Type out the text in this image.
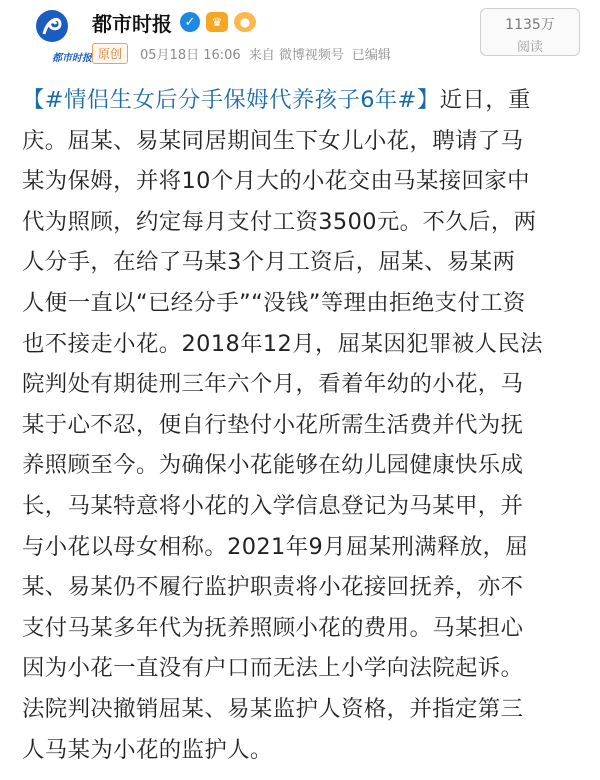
都市时报
都市时报 ✓	♛	●
原创	05月18日 16:06 来自 微博视频号 已编辑
1135万
阅读
【#情侣生女后分手保姆代养孩子6年#】近日，重
庆。屈某、易某同居期间生下女儿小花，聘请了马
某为保姆，并将10个月大的小花交由马某接回家中
代为照顾，约定每月支付工资3500元。不久后，两
人分手，在给了马某3个月工资后，屈某、易某两
人便一直以“已经分手”“没钱”等理由拒绝支付工资
也不接走小花。2018年12月，屈某因犯罪被人民法
院判处有期徒刑三年六个月，看着年幼的小花，马
某于心不忍，便自行垫付小花所需生活费并代为抚
养照顾至今。为确保小花能够在幼儿园健康快乐成
长，马某特意将小花的入学信息登记为马某甲，并
与小花以母女相称。2021年9月屈某刑满释放，屈
某、易某仍不履行监护职责将小花接回抚养，亦不
支付马某多年代为抚养照顾小花的费用。马某担心
因为小花一直没有户口而无法上小学向法院起诉。
法院判决撤销屈某、易某监护人资格，并指定第三
人马某为小花的监护人。
